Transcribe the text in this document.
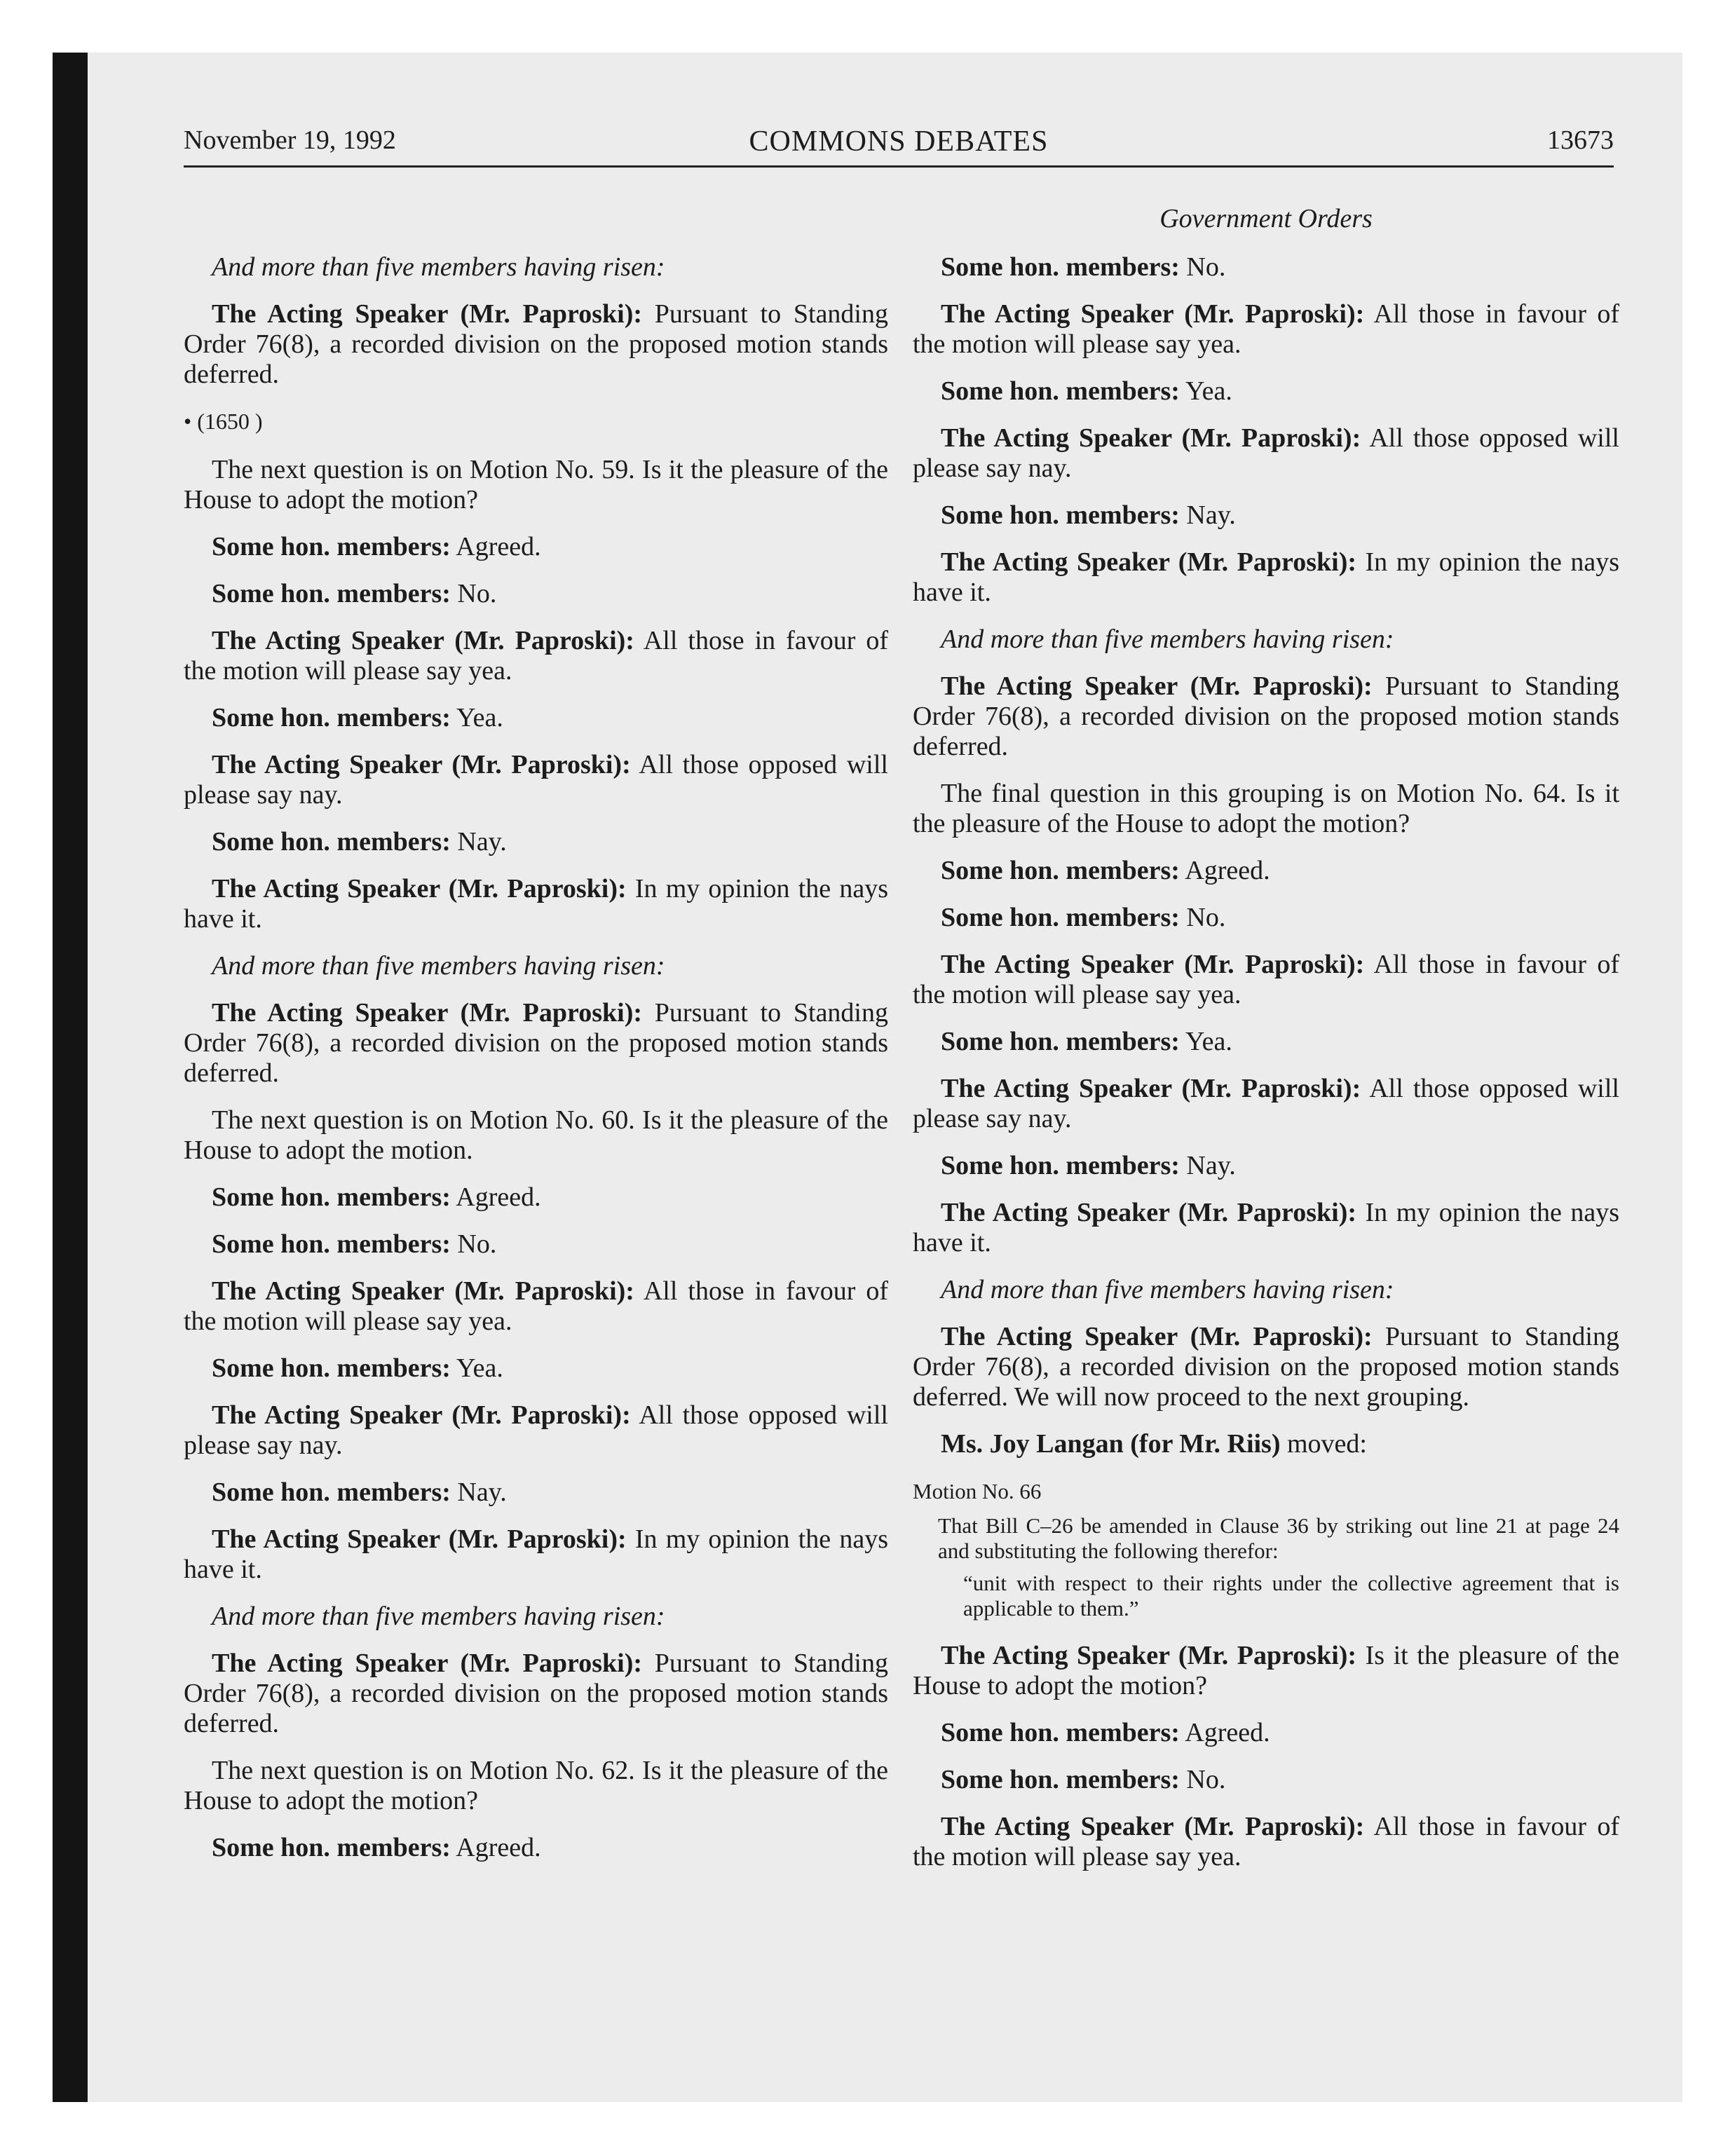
November 19, 1992	COMMONS DEBATES	13673
Government Orders

And more than five members having risen:

The Acting Speaker (Mr. Paproski): Pursuant to Standing Order 76(8), a recorded division on the proposed motion stands deferred.

• (1650 )

The next question is on Motion No. 59. Is it the pleasure of the House to adopt the motion?

Some hon. members: Agreed.

Some hon. members: No.

The Acting Speaker (Mr. Paproski): All those in favour of the motion will please say yea.

Some hon. members: Yea.

The Acting Speaker (Mr. Paproski): All those opposed will please say nay.

Some hon. members: Nay.

The Acting Speaker (Mr. Paproski): In my opinion the nays have it.

And more than five members having risen:

The Acting Speaker (Mr. Paproski): Pursuant to Standing Order 76(8), a recorded division on the proposed motion stands deferred.

The next question is on Motion No. 60. Is it the pleasure of the House to adopt the motion.

Some hon. members: Agreed.

Some hon. members: No.

The Acting Speaker (Mr. Paproski): All those in favour of the motion will please say yea.

Some hon. members: Yea.

The Acting Speaker (Mr. Paproski): All those opposed will please say nay.

Some hon. members: Nay.

The Acting Speaker (Mr. Paproski): In my opinion the nays have it.

And more than five members having risen:

The Acting Speaker (Mr. Paproski): Pursuant to Standing Order 76(8), a recorded division on the proposed motion stands deferred.

The next question is on Motion No. 62. Is it the pleasure of the House to adopt the motion?

Some hon. members: Agreed.

Some hon. members: No.

The Acting Speaker (Mr. Paproski): All those in favour of the motion will please say yea.

Some hon. members: Yea.

The Acting Speaker (Mr. Paproski): All those opposed will please say nay.

Some hon. members: Nay.

The Acting Speaker (Mr. Paproski): In my opinion the nays have it.

And more than five members having risen:

The Acting Speaker (Mr. Paproski): Pursuant to Standing Order 76(8), a recorded division on the proposed motion stands deferred.

The final question in this grouping is on Motion No. 64. Is it the pleasure of the House to adopt the motion?

Some hon. members: Agreed.

Some hon. members: No.

The Acting Speaker (Mr. Paproski): All those in favour of the motion will please say yea.

Some hon. members: Yea.

The Acting Speaker (Mr. Paproski): All those opposed will please say nay.

Some hon. members: Nay.

The Acting Speaker (Mr. Paproski): In my opinion the nays have it.

And more than five members having risen:

The Acting Speaker (Mr. Paproski): Pursuant to Standing Order 76(8), a recorded division on the proposed motion stands deferred. We will now proceed to the next grouping.

Ms. Joy Langan (for Mr. Riis) moved:

Motion No. 66

That Bill C–26 be amended in Clause 36 by striking out line 21 at page 24 and substituting the following therefor:

“unit with respect to their rights under the collective agreement that is applicable to them.”

The Acting Speaker (Mr. Paproski): Is it the pleasure of the House to adopt the motion?

Some hon. members: Agreed.

Some hon. members: No.

The Acting Speaker (Mr. Paproski): All those in favour of the motion will please say yea.
